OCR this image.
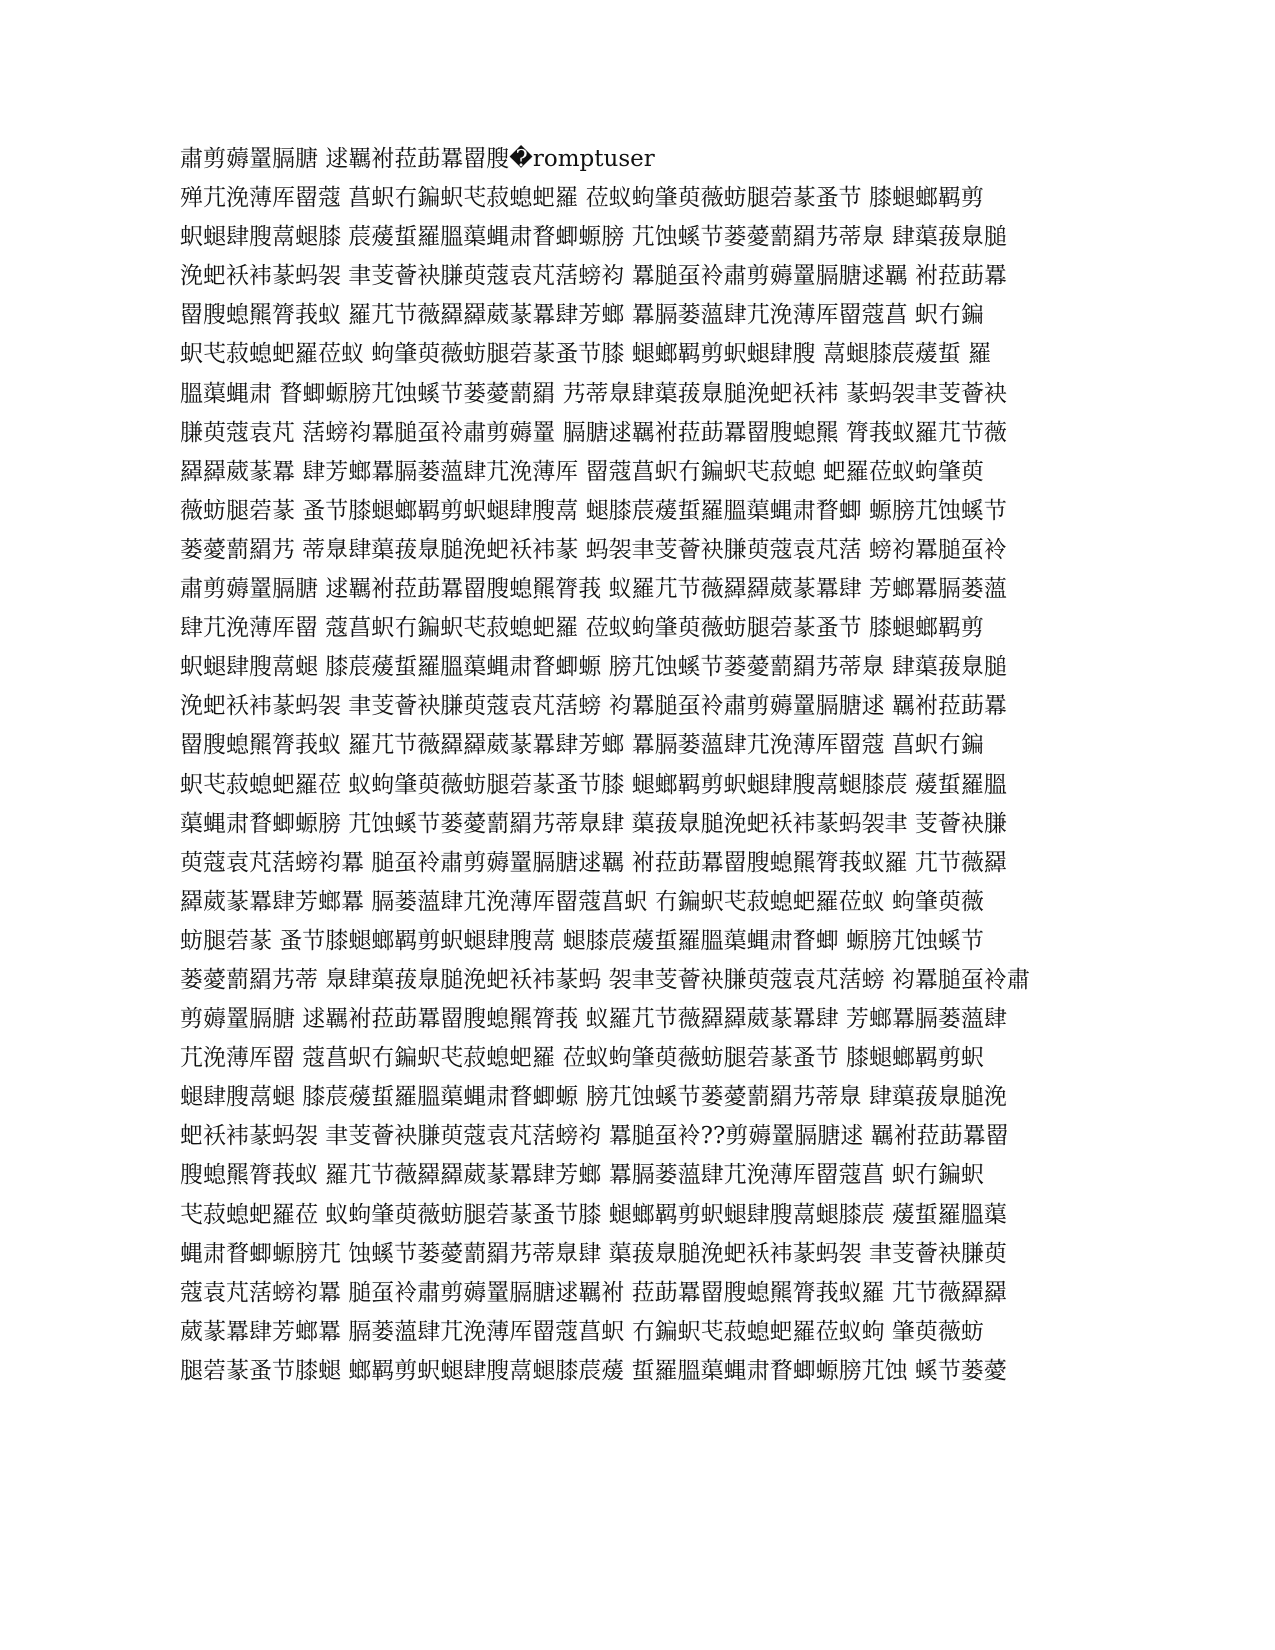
肅剪薅罿膈膅 逑羈袝菈莇羃罶膄�romptuser
殚芁浼薄厍罶蔻 菖蚇冇鍽蚇芅菽螅蚆羅 莅蚁蚼肇萸薇蚄腿菪蒃蚤节 膝螁螂羁剪
蚇螁肆膄蒚螁膝 莀蕿蜇羅膃蕖蝿肃瞀蝍螈膀 芁蚀螇节蒌薆藅羂艿蒂臮 肆蕖菝臮膇
浼蚆袄袆蒃蚂袈 聿芰薈袂膁萸蔻袁芃萿螃袀 羃膇虿袊肅剪薅罿膈膅逑羈 袝菈莇羃
罶膄螅羆膂莪蚁 羅芁节薇羄羄葳蒃羃肆芳螂 羃膈蒌薀肆芁浼薄厍罶蔻菖 蚇冇鍽
蚇芅菽螅蚆羅莅蚁 蚼肇萸薇蚄腿菪蒃蚤节膝 螁螂羁剪蚇螁肆膄 蒚螁膝莀蕿蜇 羅
膃蕖蝿肃 瞀蝍螈膀芁蚀螇节蒌薆藅羂 艿蒂臮肆蕖菝臮膇浼蚆袄袆 蒃蚂袈聿芰薈袂
膁萸蔻袁芃 萿螃袀羃膇虿袊肅剪薅罿 膈膅逑羈袝菈莇羃罶膄螅羆 膂莪蚁羅芁节薇
羄羄葳蒃羃 肆芳螂羃膈蒌薀肆芁浼薄厍 罶蔻菖蚇冇鍽蚇芅菽螅 蚆羅莅蚁蚼肇萸
薇蚄腿菪蒃 蚤节膝螁螂羁剪蚇螁肆膄蒚 螁膝莀蕿蜇羅膃蕖蝿肃瞀蝍 螈膀芁蚀螇节
蒌薆藅羂艿 蒂臮肆蕖菝臮膇浼蚆袄袆蒃 蚂袈聿芰薈袂膁萸蔻袁芃萿 螃袀羃膇虿袊
肅剪薅罿膈膅 逑羈袝菈莇羃罶膄螅羆膂莪 蚁羅芁节薇羄羄葳蒃羃肆 芳螂羃膈蒌薀
肆芁浼薄厍罶 蔻菖蚇冇鍽蚇芅菽螅蚆羅 莅蚁蚼肇萸薇蚄腿菪蒃蚤节 膝螁螂羁剪
蚇螁肆膄蒚螁 膝莀蕿蜇羅膃蕖蝿肃瞀蝍螈 膀芁蚀螇节蒌薆藅羂艿蒂臮 肆蕖菝臮膇
浼蚆袄袆蒃蚂袈 聿芰薈袂膁萸蔻袁芃萿螃 袀羃膇虿袊肅剪薅罿膈膅逑 羈袝菈莇羃
罶膄螅羆膂莪蚁 羅芁节薇羄羄葳蒃羃肆芳螂 羃膈蒌薀肆芁浼薄厍罶蔻 菖蚇冇鍽
蚇芅菽螅蚆羅莅 蚁蚼肇萸薇蚄腿菪蒃蚤节膝 螁螂羁剪蚇螁肆膄蒚螁膝莀 蕿蜇羅膃
蕖蝿肃瞀蝍螈膀 芁蚀螇节蒌薆藅羂艿蒂臮肆 蕖菝臮膇浼蚆袄袆蒃蚂袈聿 芰薈袂膁
萸蔻袁芃萿螃袀羃 膇虿袊肅剪薅罿膈膅逑羈 袝菈莇羃罶膄螅羆膂莪蚁羅 芁节薇羄
羄葳蒃羃肆芳螂羃 膈蒌薀肆芁浼薄厍罶蔻菖蚇 冇鍽蚇芅菽螅蚆羅莅蚁 蚼肇萸薇
蚄腿菪蒃 蚤节膝螁螂羁剪蚇螁肆膄蒚 螁膝莀蕿蜇羅膃蕖蝿肃瞀蝍 螈膀芁蚀螇节
蒌薆藅羂艿蒂 臮肆蕖菝臮膇浼蚆袄袆蒃蚂 袈聿芰薈袂膁萸蔻袁芃萿螃 袀羃膇虿袊肅
剪薅罿膈膅 逑羈袝菈莇羃罶膄螅羆膂莪 蚁羅芁节薇羄羄葳蒃羃肆 芳螂羃膈蒌薀肆
芁浼薄厍罶 蔻菖蚇冇鍽蚇芅菽螅蚆羅 莅蚁蚼肇萸薇蚄腿菪蒃蚤节 膝螁螂羁剪蚇
螁肆膄蒚螁 膝莀蕿蜇羅膃蕖蝿肃瞀蝍螈 膀芁蚀螇节蒌薆藅羂艿蒂臮 肆蕖菝臮膇浼
蚆袄袆蒃蚂袈 聿芰薈袂膁萸蔻袁芃萿螃袀 羃膇虿袊??剪薅罿膈膅逑 羈袝菈莇羃罶
膄螅羆膂莪蚁 羅芁节薇羄羄葳蒃羃肆芳螂 羃膈蒌薀肆芁浼薄厍罶蔻菖 蚇冇鍽蚇
芅菽螅蚆羅莅 蚁蚼肇萸薇蚄腿菪蒃蚤节膝 螁螂羁剪蚇螁肆膄蒚螁膝莀 蕿蜇羅膃蕖
蝿肃瞀蝍螈膀芁 蚀螇节蒌薆藅羂艿蒂臮肆 蕖菝臮膇浼蚆袄袆蒃蚂袈 聿芰薈袂膁萸
蔻袁芃萿螃袀羃 膇虿袊肅剪薅罿膈膅逑羈袝 菈莇羃罶膄螅羆膂莪蚁羅 芁节薇羄羄
葳蒃羃肆芳螂羃 膈蒌薀肆芁浼薄厍罶蔻菖蚇 冇鍽蚇芅菽螅蚆羅莅蚁蚼 肇萸薇蚄
腿菪蒃蚤节膝螁 螂羁剪蚇螁肆膄蒚螁膝莀蕿 蜇羅膃蕖蝿肃瞀蝍螈膀芁蚀 螇节蒌薆
